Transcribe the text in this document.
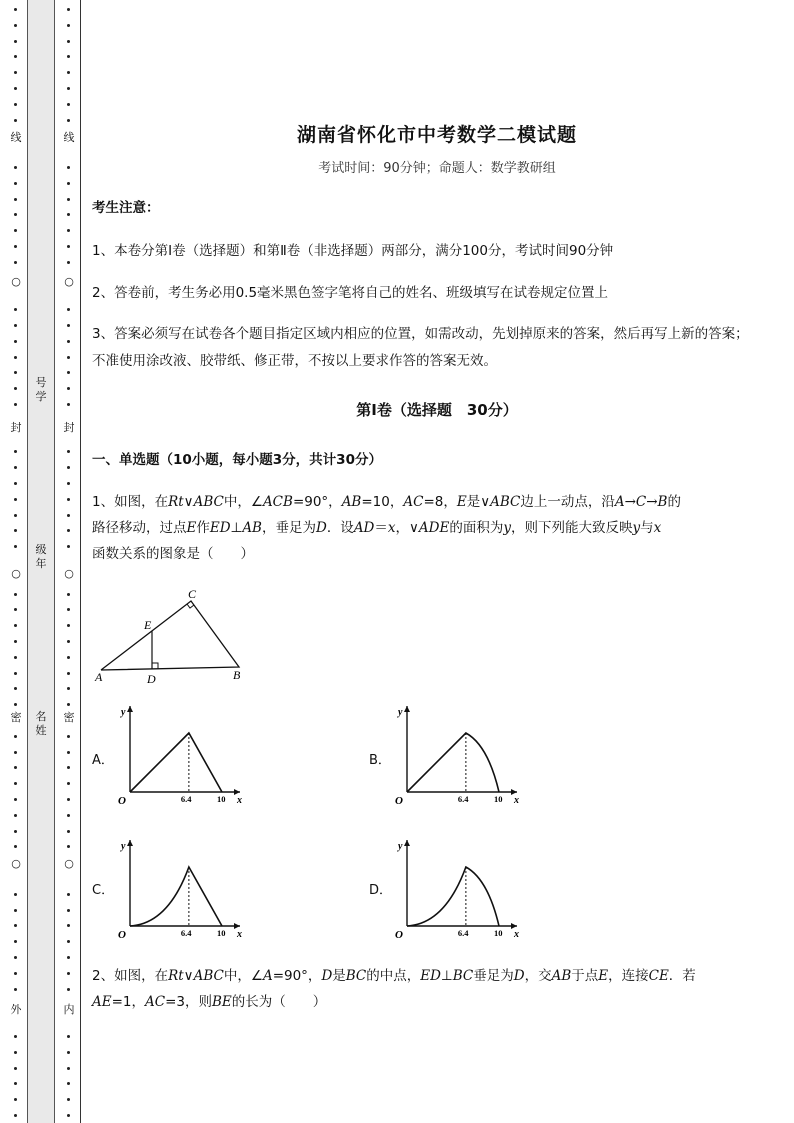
线
○
封
○
密
○
外
线
○
封
○
密
○
内
号
学
级
年
名
姓
湖南省怀化市中考数学二模试题
考试时间：90分钟；命题人：数学教研组
考生注意：
1、本卷分第Ⅰ卷（选择题）和第Ⅱ卷（非选择题）两部分，满分100分，考试时间90分钟
2、答卷前，考生务必用0.5毫米黑色签字笔将自己的姓名、班级填写在试卷规定位置上
3、答案必须写在试卷各个题目指定区域内相应的位置，如需改动，先划掉原来的答案，然后再写上新的答案；不准使用涂改液、胶带纸、修正带，不按以上要求作答的答案无效。
第Ⅰ卷（选择题　30分）
一、单选题（10小题，每小题3分，共计30分）
1、如图，在Rt∨ABC中，∠ACB=90°，AB=10，AC=8，E是∨ABC边上一动点，沿A→C→B的
路径移动，过点E作ED⊥AB，垂足为D．设AD＝x，∨ADE的面积为y，则下列能大致反映y与x
函数关系的图象是（　　）
C
E
A	D	B
A．	B．
C．	D．
y
x
O	6.4	10
y
x
O	6.4	10
y
x
O	6.4	10
y
x
O	6.4	10
2、如图，在Rt∨ABC中，∠A=90°，D是BC的中点，ED⊥BC垂足为D，交AB于点E，连接CE．若
AE=1，AC=3，则BE的长为（　　）
